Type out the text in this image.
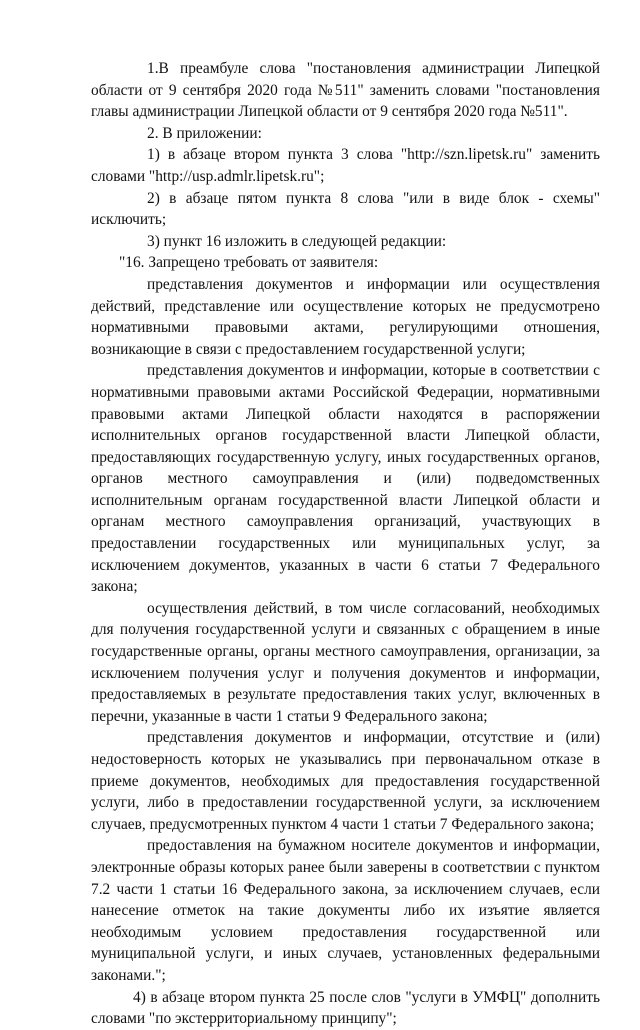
1.В преамбуле слова "постановления администрации Липецкой области от 9 сентября 2020 года №511" заменить словами "постановления главы администрации Липецкой области от 9 сентября 2020 года №511".

2. В приложении:

1) в абзаце втором пункта 3 слова "http://szn.lipetsk.ru" заменить словами "http://usp.admlr.lipetsk.ru";

2) в абзаце пятом пункта 8 слова "или в виде блок - схемы" исключить;

3) пункт 16 изложить в следующей редакции:

"16. Запрещено требовать от заявителя:

представления документов и информации или осуществления действий, представление или осуществление которых не предусмотрено нормативными правовыми актами, регулирующими отношения, возникающие в связи с предоставлением государственной услуги;

представления документов и информации, которые в соответствии с нормативными правовыми актами Российской Федерации, нормативными правовыми актами Липецкой области находятся в распоряжении исполнительных органов государственной власти Липецкой области, предоставляющих государственную услугу, иных государственных органов, органов местного самоуправления и (или) подведомственных исполнительным органам государственной власти Липецкой области и органам местного самоуправления организаций, участвующих в предоставлении государственных или муниципальных услуг, за исключением документов, указанных в части 6 статьи 7 Федерального закона;

осуществления действий, в том числе согласований, необходимых для получения государственной услуги и связанных с обращением в иные государственные органы, органы местного самоуправления, организации, за исключением получения услуг и получения документов и информации, предоставляемых в результате предоставления таких услуг, включенных в перечни, указанные в части 1 статьи 9 Федерального закона;

представления документов и информации, отсутствие и (или) недостоверность которых не указывались при первоначальном отказе в приеме документов, необходимых для предоставления государственной услуги, либо в предоставлении государственной услуги, за исключением случаев, предусмотренных пунктом 4 части 1 статьи 7 Федерального закона;

предоставления на бумажном носителе документов и информации, электронные образы которых ранее были заверены в соответствии с пунктом 7.2 части 1 статьи 16 Федерального закона, за исключением случаев, если нанесение отметок на такие документы либо их изъятие является необходимым условием предоставления государственной или муниципальной услуги, и иных случаев, установленных федеральными законами.";

4) в абзаце втором пункта 25 после слов "услуги в УМФЦ" дополнить словами "по экстерриториальному принципу";
